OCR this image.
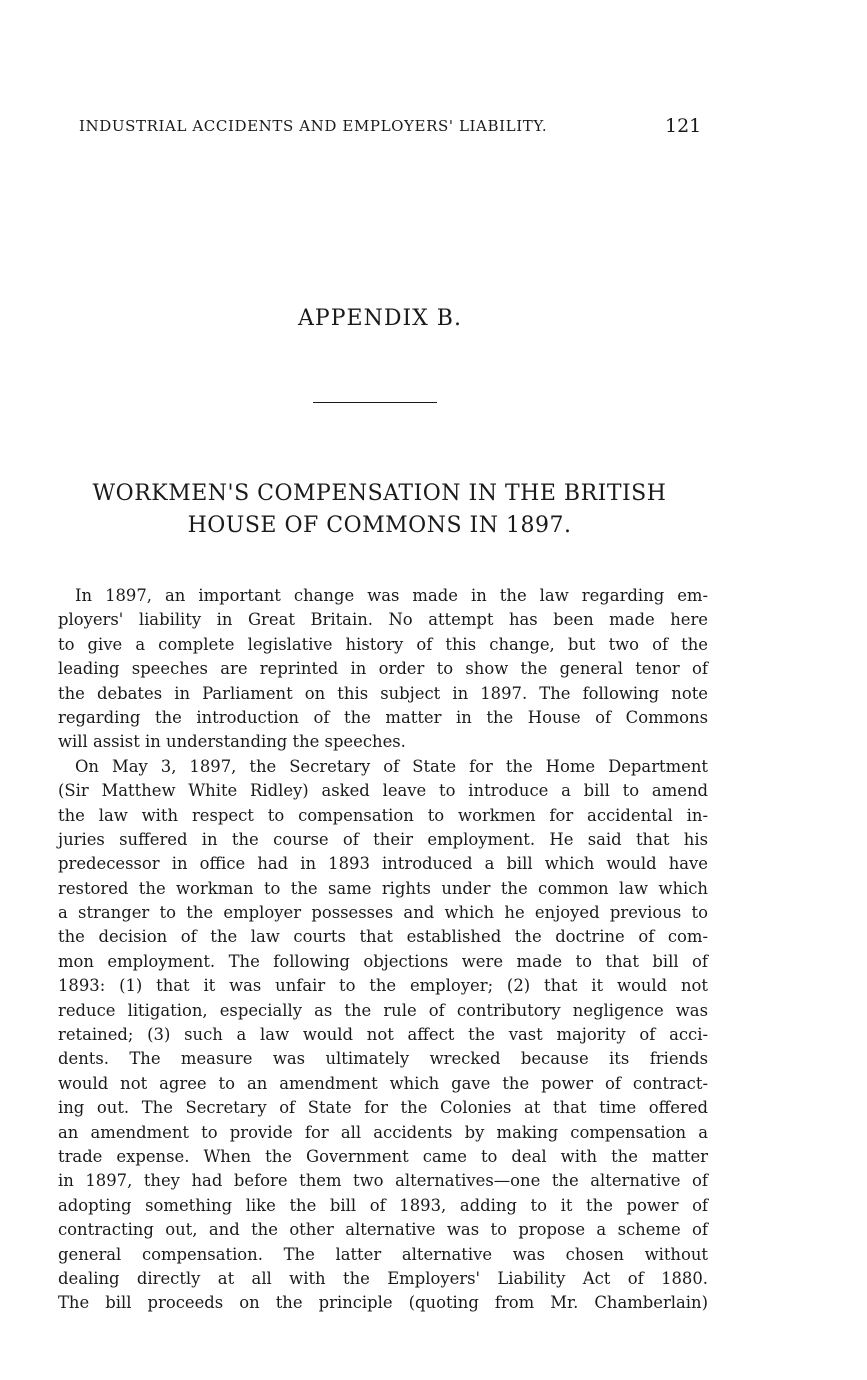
INDUSTRIAL ACCIDENTS AND EMPLOYERS' LIABILITY.	121
APPENDIX B.
WORKMEN'S COMPENSATION IN THE BRITISH
HOUSE OF COMMONS IN 1897.
In 1897, an important change was made in the law regarding em-
ployers' liability in Great Britain. No attempt has been made here
to give a complete legislative history of this change, but two of the
leading speeches are reprinted in order to show the general tenor of
the debates in Parliament on this subject in 1897. The following note
regarding the introduction of the matter in the House of Commons
will assist in understanding the speeches.
On May 3, 1897, the Secretary of State for the Home Department
(Sir Matthew White Ridley) asked leave to introduce a bill to amend
the law with respect to compensation to workmen for accidental in-
juries suffered in the course of their employment. He said that his
predecessor in office had in 1893 introduced a bill which would have
restored the workman to the same rights under the common law which
a stranger to the employer possesses and which he enjoyed previous to
the decision of the law courts that established the doctrine of com-
mon employment. The following objections were made to that bill of
1893: (1) that it was unfair to the employer; (2) that it would not
reduce litigation, especially as the rule of contributory negligence was
retained; (3) such a law would not affect the vast majority of acci-
dents. The measure was ultimately wrecked because its friends
would not agree to an amendment which gave the power of contract-
ing out. The Secretary of State for the Colonies at that time offered
an amendment to provide for all accidents by making compensation a
trade expense. When the Government came to deal with the matter
in 1897, they had before them two alternatives—one the alternative of
adopting something like the bill of 1893, adding to it the power of
contracting out, and the other alternative was to propose a scheme of
general compensation. The latter alternative was chosen without
dealing directly at all with the Employers' Liability Act of 1880.
The bill proceeds on the principle (quoting from Mr. Chamberlain)
